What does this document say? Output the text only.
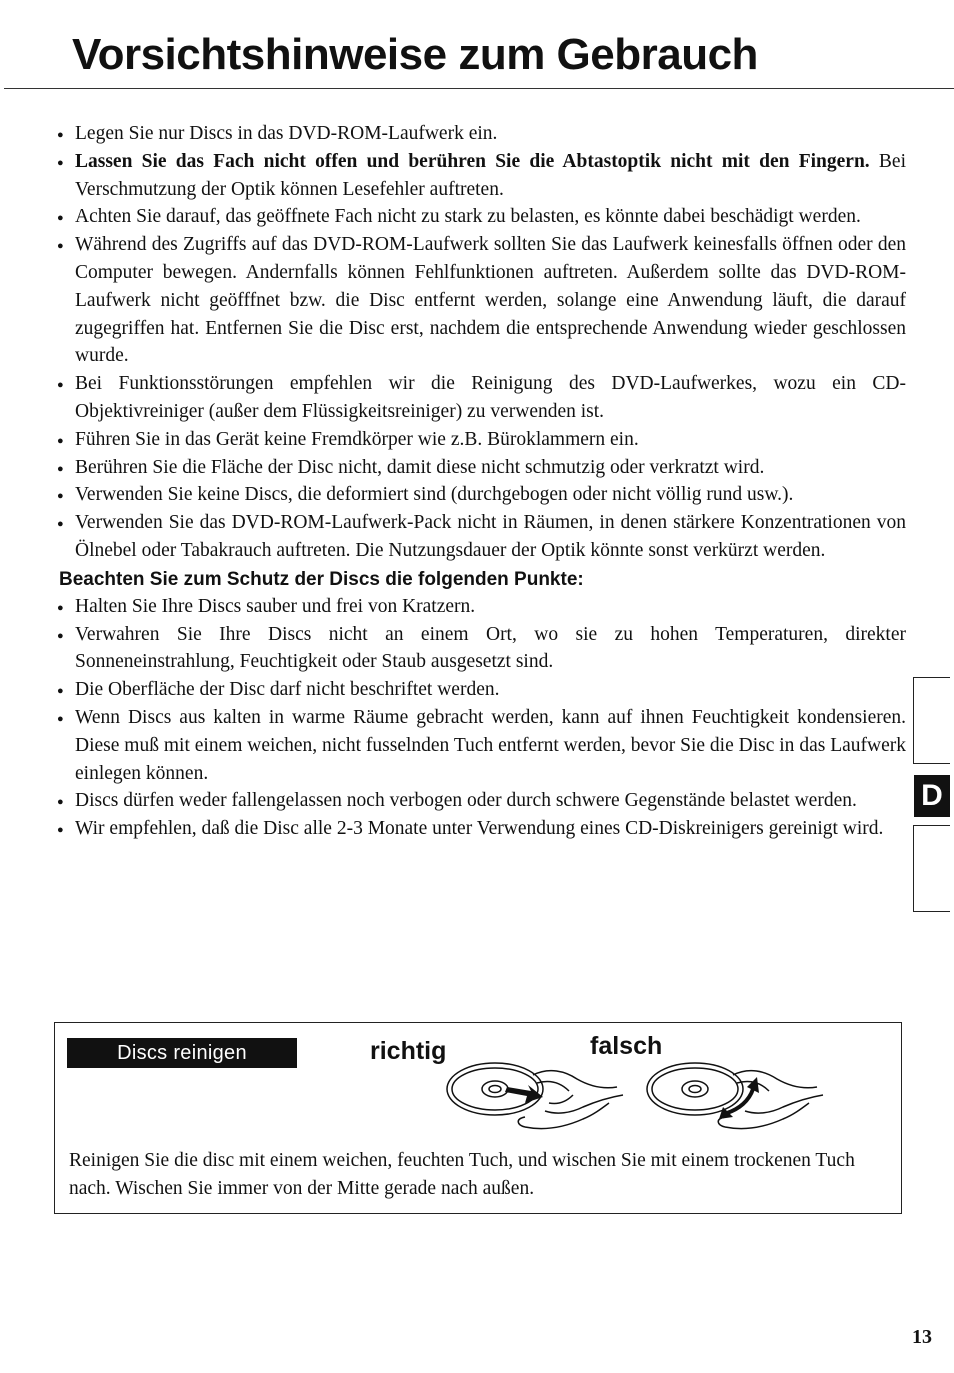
Vorsichtshinweise zum Gebrauch
● Legen Sie nur Discs in das DVD-ROM-Laufwerk ein.
● Lassen Sie das Fach nicht offen und berühren Sie die Abtastoptik nicht mit den Fingern. Bei Verschmutzung der Optik können Lesefehler auftreten.
● Achten Sie darauf, das geöffnete Fach nicht zu stark zu belasten, es könnte dabei beschädigt werden.
● Während des Zugriffs auf das DVD-ROM-Laufwerk sollten Sie das Laufwerk keinesfalls öffnen oder den Computer bewegen. Andernfalls können Fehlfunktionen auftreten. Außerdem sollte das DVD-ROM-Laufwerk nicht geöfffnet bzw. die Disc entfernt werden, solange eine Anwendung läuft, die darauf zugegriffen hat. Entfernen Sie die Disc erst, nachdem die entsprechende Anwendung wieder geschlossen wurde.
● Bei Funktionsstörungen empfehlen wir die Reinigung des DVD-Laufwerkes, wozu ein CD-Objektivreiniger (außer dem Flüssigkeitsreiniger) zu verwenden ist.
● Führen Sie in das Gerät keine Fremdkörper wie z.B. Büroklammern ein.
● Berühren Sie die Fläche der Disc nicht, damit diese nicht schmutzig oder verkratzt wird.
● Verwenden Sie keine Discs, die deformiert sind (durchgebogen oder nicht völlig rund usw.).
● Verwenden Sie das DVD-ROM-Laufwerk-Pack nicht in Räumen, in denen stärkere Konzentrationen von Ölnebel oder Tabakrauch auftreten. Die Nutzungsdauer der Optik könnte sonst verkürzt werden.
Beachten Sie zum Schutz der Discs die folgenden Punkte:
● Halten Sie Ihre Discs sauber und frei von Kratzern.
● Verwahren Sie Ihre Discs nicht an einem Ort, wo sie zu hohen Temperaturen, direkter Sonneneinstrahlung, Feuchtigkeit oder Staub ausgesetzt sind.
● Die Oberfläche der Disc darf nicht beschriftet werden.
● Wenn Discs aus kalten in warme Räume gebracht werden, kann auf ihnen Feuchtigkeit kondensieren. Diese muß mit einem weichen, nicht fusselnden Tuch entfernt werden, bevor Sie die Disc in das Laufwerk einlegen können.
● Discs dürfen weder fallengelassen noch verbogen oder durch schwere Gegenstände belastet werden.
● Wir empfehlen, daß die Disc alle 2-3 Monate unter Verwendung eines CD-Diskreinigers gereinigt wird.
D
Discs reinigen	richtig	falsch
Reinigen Sie die disc mit einem weichen, feuchten Tuch, und wischen Sie mit einem trockenen Tuch nach. Wischen Sie immer von der Mitte gerade nach außen.
13
